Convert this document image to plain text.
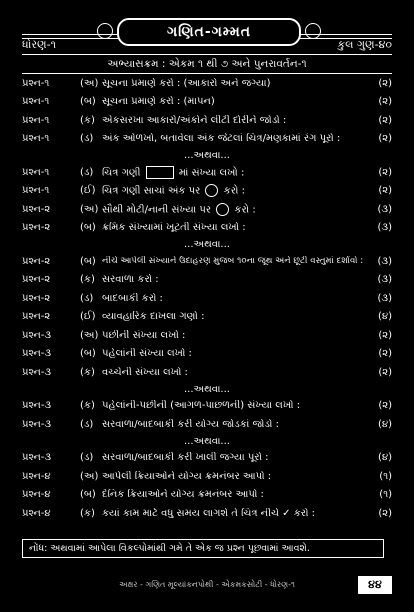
ગણિત-ગમ્મત
ધોરણ-૧	કુલ ગુણ-૪૦
અભ્યાસક્રમ : એકમ ૧ થી ૭ અને પુનરાવર્તન-૧
પ્રશ્ન-૧	(અ) સૂચના પ્રમાણે કરો : (આકારો અને જગ્યા)	(૨)
પ્રશ્ન-૧	(બ) સૂચના પ્રમાણે કરો : (માપન)	(૨)
પ્રશ્ન-૧	(ક) એકસરખા આકારો/અંકોને લીટી દોરીને જોડો :	(૨)
પ્રશ્ન-૧	(ડ) અંક ઓળખો, બતાવેલા અંક જેટલાં ચિત્ર/મણકામાં રંગ પૂરો :	(૨)
...અથવા...
પ્રશ્ન-૧	(ડ) ચિત્ર ગણી	માં સંખ્યા લખો :	(૨)
પ્રશ્ન-૧	(ઈ) ચિત્ર ગણી સાચાં અંક પર કરો :	(૨)
પ્રશ્ન-૨	(અ) સૌથી મોટી/નાની સંખ્યા પર કરો :	(૩)
પ્રશ્ન-૨	(બ) ક્રમિક સંખ્યામાં ખૂટતી સંખ્યા લખો :	(૩)
...અથવા...
પ્રશ્ન-૨	(બ) નીચે આપેલી સંખ્યાને ઉદાહરણ મુજબ ૧૦ના જૂથ અને છૂટી વસ્તુમાં દર્શાવો :	(૩)
પ્રશ્ન-૨	(ક) સરવાળા કરો :	(૩)
પ્રશ્ન-૨	(ડ) બાદબાકી કરો :	(૩)
પ્રશ્ન-૨	(ઈ) વ્યાવહારિક દાખલા ગણો :	(૪)
પ્રશ્ન-૩	(અ) પછીની સંખ્યા લખો :	(૨)
પ્રશ્ન-૩	(બ) પહેલાંની સંખ્યા લખો :	(૨)
પ્રશ્ન-૩	(ક) વચ્ચેની સંખ્યા લખો :	(૨)
...અથવા...
પ્રશ્ન-૩	(ક) પહેલાંની-પછીની (આગળ-પાછળની) સંખ્યા લખો :	(૨)
પ્રશ્ન-૩	(ડ) સરવાળા/બાદબાકી કરી યોગ્ય જોડકાં જોડો :	(૪)
...અથવા...
પ્રશ્ન-૩	(ડ) સરવાળા/બાદબાકી કરી ખાલી જગ્યા પૂરો :	(૪)
પ્રશ્ન-૪	(અ) આપેલી ક્રિયાઓને યોગ્ય ક્રમનંબર આપો :	(૧)
પ્રશ્ન-૪	(બ) દૈનિક ક્રિયાઓને યોગ્ય ક્રમનંબર આપો :	(૧)
પ્રશ્ન-૪	(ક) કયાં કામ માટે વધુ સમય લાગશે તે ચિત્ર નીચે ✓ કરો :	(૨)
નોંધ: અથવામાં આપેલા વિકલ્પોમાંથી ગમે તે એક જ પ્રશ્ન પૂછવામાં આવશે.
અક્ષર - ગણિત મૂલ્યાંકનપોથી - એકમકસોટી - ધોરણ-૧	૪૪
